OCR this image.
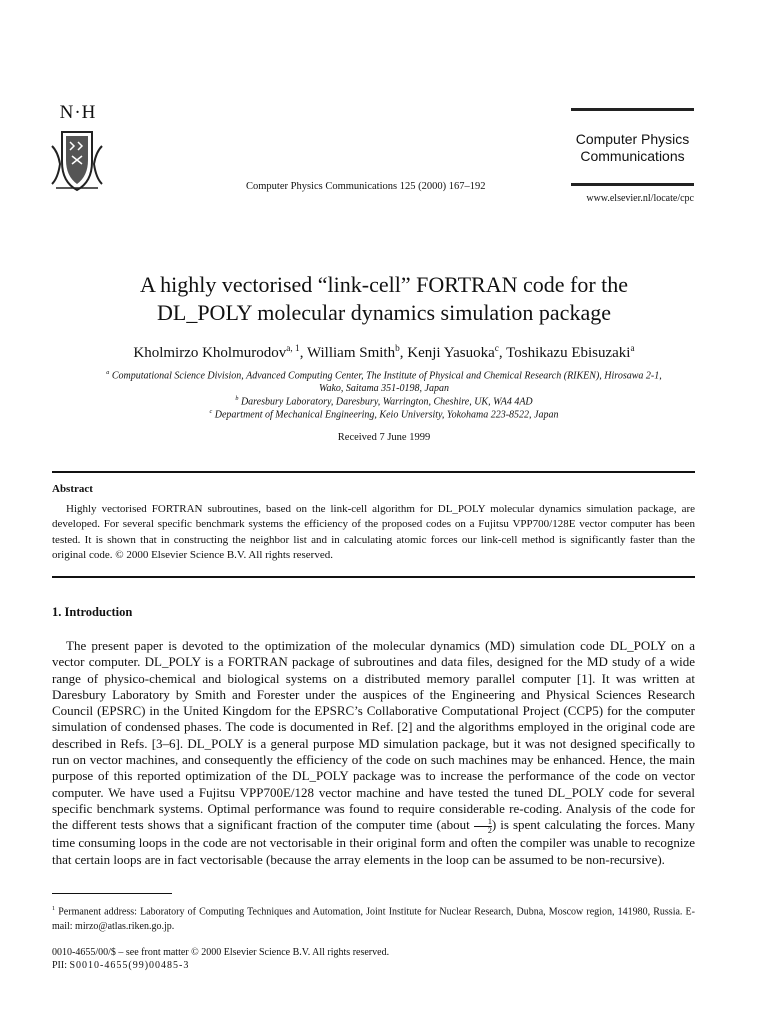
N·H
Computer Physics Communications 125 (2000) 167–192
Computer Physics
Communications
www.elsevier.nl/locate/cpc
A highly vectorised “link-cell” FORTRAN code for the
DL_POLY molecular dynamics simulation package
Kholmirzo Kholmurodov$^{a, 1}$, William Smith$^b$, Kenji Yasuoka$^c$, Toshikazu Ebisuzaki$^a$
$^a$ Computational Science Division, Advanced Computing Center, The Institute of Physical and Chemical Research (RIKEN), Hirosawa 2-1,
Wako, Saitama 351-0198, Japan
$^b$ Daresbury Laboratory, Daresbury, Warrington, Cheshire, UK, WA4 4AD
$^c$ Department of Mechanical Engineering, Keio University, Yokohama 223-8522, Japan
Received 7 June 1999
Abstract

Highly vectorised FORTRAN subroutines, based on the link-cell algorithm for DL_POLY molecular dynamics simulation package, are developed. For several specific benchmark systems the efficiency of the proposed codes on a Fujitsu VPP700/128E vector computer has been tested. It is shown that in constructing the neighbor list and in calculating atomic forces our link-cell method is significantly faster than the original code. © 2000 Elsevier Science B.V. All rights reserved.

1. Introduction

The present paper is devoted to the optimization of the molecular dynamics (MD) simulation code DL_POLY on a vector computer. DL_POLY is a FORTRAN package of subroutines and data files, designed for the MD study of a wide range of physico-chemical and biological systems on a distributed memory parallel computer [1]. It was written at Daresbury Laboratory by Smith and Forester under the auspices of the Engineering and Physical Sciences Research Council (EPSRC) in the United Kingdom for the EPSRC’s Collaborative Computational Project (CCP5) for the computer simulation of condensed phases. The code is documented in Ref. [2] and the algorithms employed in the original code are described in Refs. [3–6]. DL_POLY is a general purpose MD simulation package, but it was not designed specifically to run on vector machines, and consequently the efficiency of the code on such machines may be enhanced. Hence, the main purpose of this reported optimization of the DL_POLY package was to increase the performance of the code on vector computer. We have used a Fujitsu VPP700E/128 vector machine and have tested the tuned DL_POLY code for several specific benchmark systems. Optimal performance was found to require considerable re-coding. Analysis of the code for the different tests shows that a significant fraction of the computer time (about $\frac{1}{2}$ ) is spent calculating the forces. Many time consuming loops in the code are not vectorisable in their original form and often the compiler was unable to recognize that certain loops are in fact vectorisable (because the array elements in the loop can be assumed to be non-recursive).

$^1$ Permanent address: Laboratory of Computing Techniques and Automation, Joint Institute for Nuclear Research, Dubna, Moscow region, 141980, Russia. E-mail: mirzo@atlas.riken.go.jp.
0010-4655/00/$ – see front matter © 2000 Elsevier Science B.V. All rights reserved.
PII: S0010-4655(99)00485-3
